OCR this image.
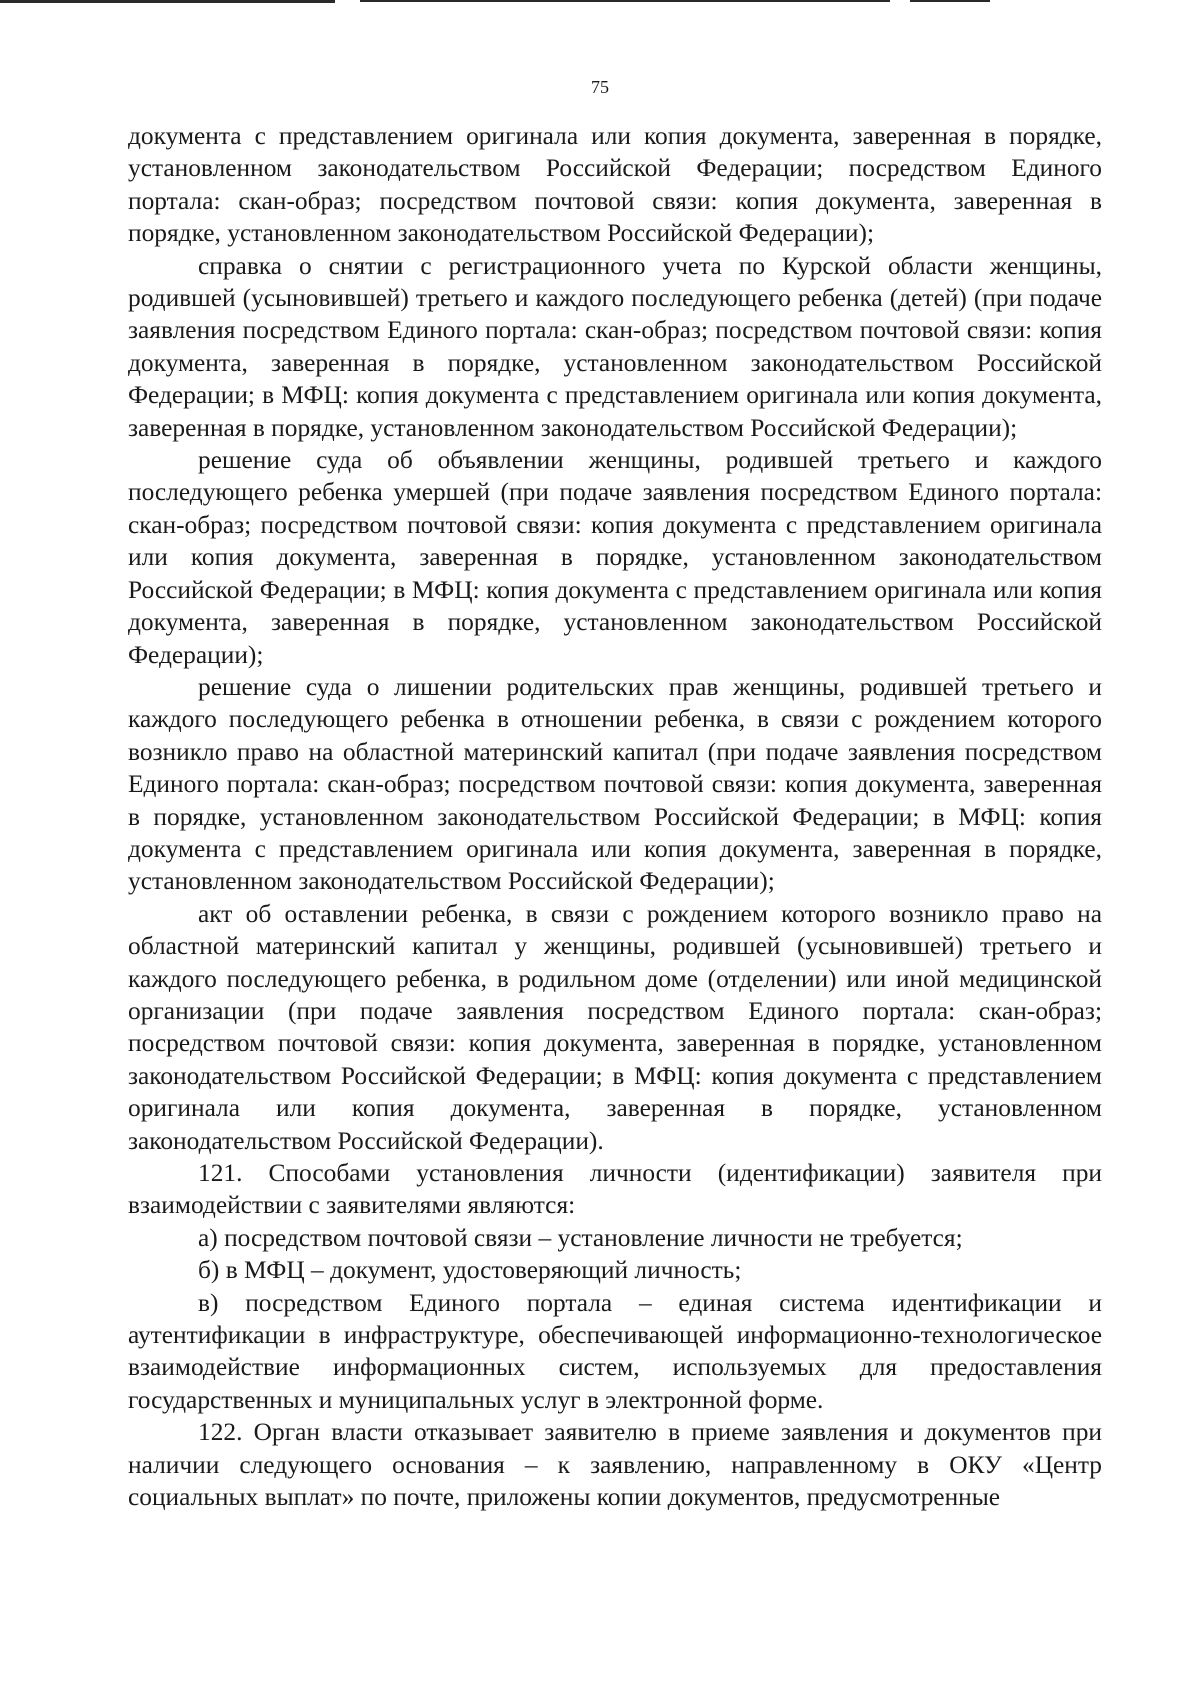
75

документа с представлением оригинала или копия документа, заверенная в порядке, установленном законодательством Российской Федерации; посредством Единого портала: скан-образ; посредством почтовой связи: копия документа, заверенная в порядке, установленном законодательством Российской Федерации);

справка о снятии с регистрационного учета по Курской области женщины, родившей (усыновившей) третьего и каждого последующего ребенка (детей) (при подаче заявления посредством Единого портала: скан-образ; посредством почтовой связи: копия документа, заверенная в порядке, установленном законодательством Российской Федерации; в МФЦ: копия документа с представлением оригинала или копия документа, заверенная в порядке, установленном законодательством Российской Федерации);

решение суда об объявлении женщины, родившей третьего и каждого последующего ребенка умершей (при подаче заявления посредством Единого портала: скан-образ; посредством почтовой связи: копия документа с представлением оригинала или копия документа, заверенная в порядке, установленном законодательством Российской Федерации; в МФЦ: копия документа с представлением оригинала или копия документа, заверенная в порядке, установленном законодательством Российской Федерации);

решение суда о лишении родительских прав женщины, родившей третьего и каждого последующего ребенка в отношении ребенка, в связи с рождением которого возникло право на областной материнский капитал (при подаче заявления посредством Единого портала: скан-образ; посредством почтовой связи: копия документа, заверенная в порядке, установленном законодательством Российской Федерации; в МФЦ: копия документа с представлением оригинала или копия документа, заверенная в порядке, установленном законодательством Российской Федерации);

акт об оставлении ребенка, в связи с рождением которого возникло право на областной материнский капитал у женщины, родившей (усыновившей) третьего и каждого последующего ребенка, в родильном доме (отделении) или иной медицинской организации (при подаче заявления посредством Единого портала: скан-образ; посредством почтовой связи: копия документа, заверенная в порядке, установленном законодательством Российской Федерации; в МФЦ: копия документа с представлением оригинала или копия документа, заверенная в порядке, установленном законодательством Российской Федерации).

121. Способами установления личности (идентификации) заявителя при взаимодействии с заявителями являются:

а) посредством почтовой связи – установление личности не требуется;

б) в МФЦ – документ, удостоверяющий личность;

в) посредством Единого портала – единая система идентификации и аутентификации в инфраструктуре, обеспечивающей информационно-технологическое взаимодействие информационных систем, используемых для предоставления государственных и муниципальных услуг в электронной форме.

122. Орган власти отказывает заявителю в приеме заявления и документов при наличии следующего основания – к заявлению, направленному в ОКУ «Центр социальных выплат» по почте, приложены копии документов, предусмотренные
